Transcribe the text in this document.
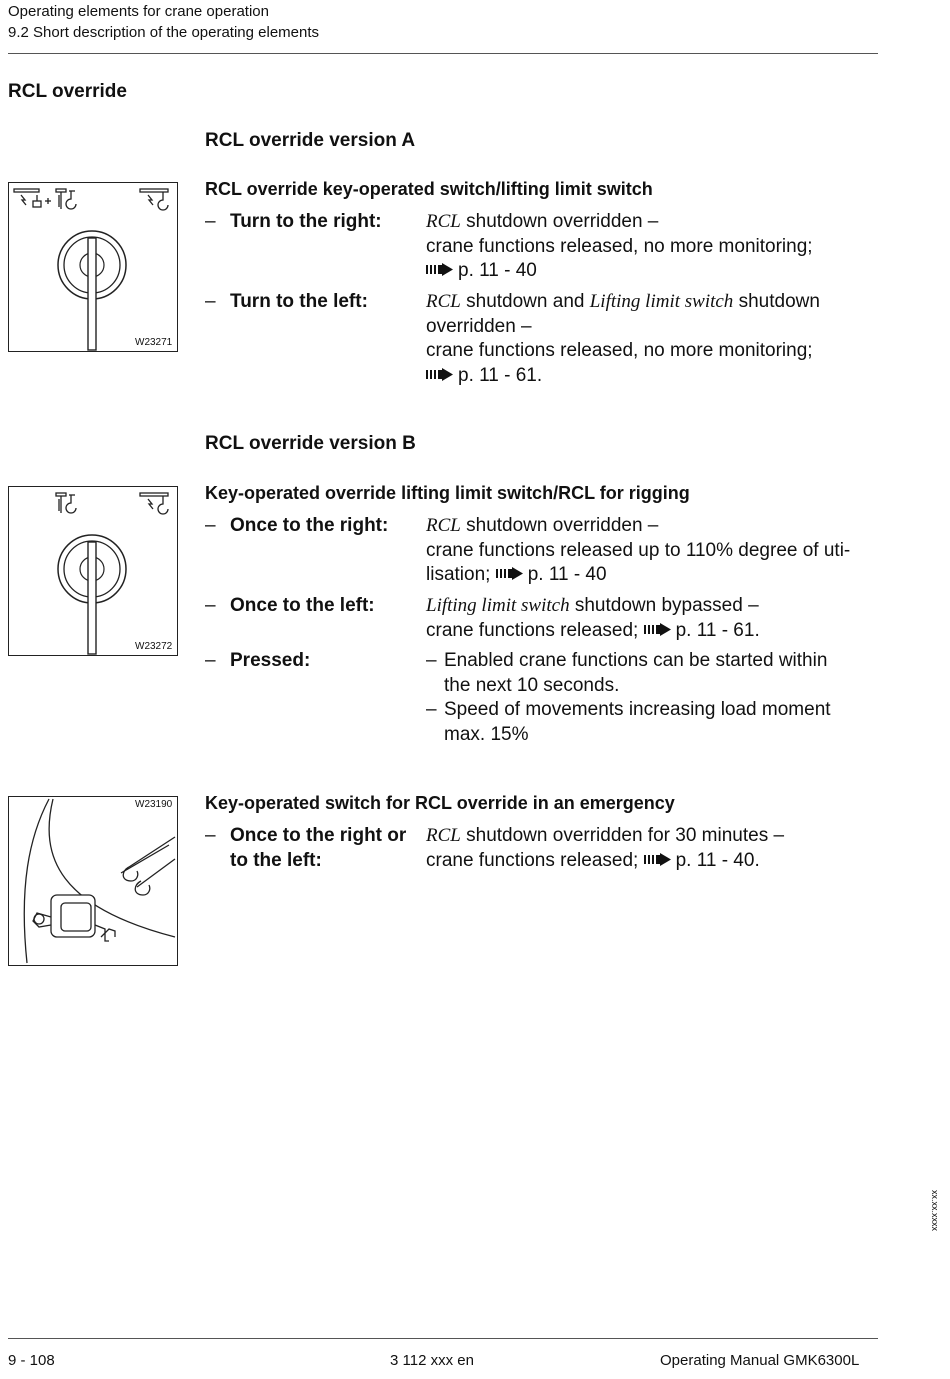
Operating elements for crane operation
9.2 Short description of the operating elements
RCL override
RCL override version A
W23271
RCL override key-operated switch/lifting limit switch
– Turn to the right: RCL shutdown overridden –
crane functions released, no more monitoring;
p. 11 - 40
– Turn to the left:	RCL shutdown and Lifting limit switch shutdown
overridden –
crane functions released, no more monitoring;
p. 11 - 61.
RCL override version B
W23272
Key-operated override lifting limit switch/RCL for rigging
– Once to the right: RCL shutdown overridden –
crane functions released up to 110% degree of uti-
lisation; p. 11 - 40
– Once to the left:	Lifting limit switch shutdown bypassed –
crane functions released; p. 11 - 61.
– Pressed:	– Enabled crane functions can be started within
the next 10 seconds.
– Speed of movements increasing load moment
max. 15%
W23190 Key-operated switch for RCL override in an emergency
– Once to the right or
to the left:
RCL shutdown overridden for 30 minutes –
crane functions released; p. 11 - 40.
xx.xx.xxxx
9 - 108	3 112 xxx en	Operating Manual GMK6300L
